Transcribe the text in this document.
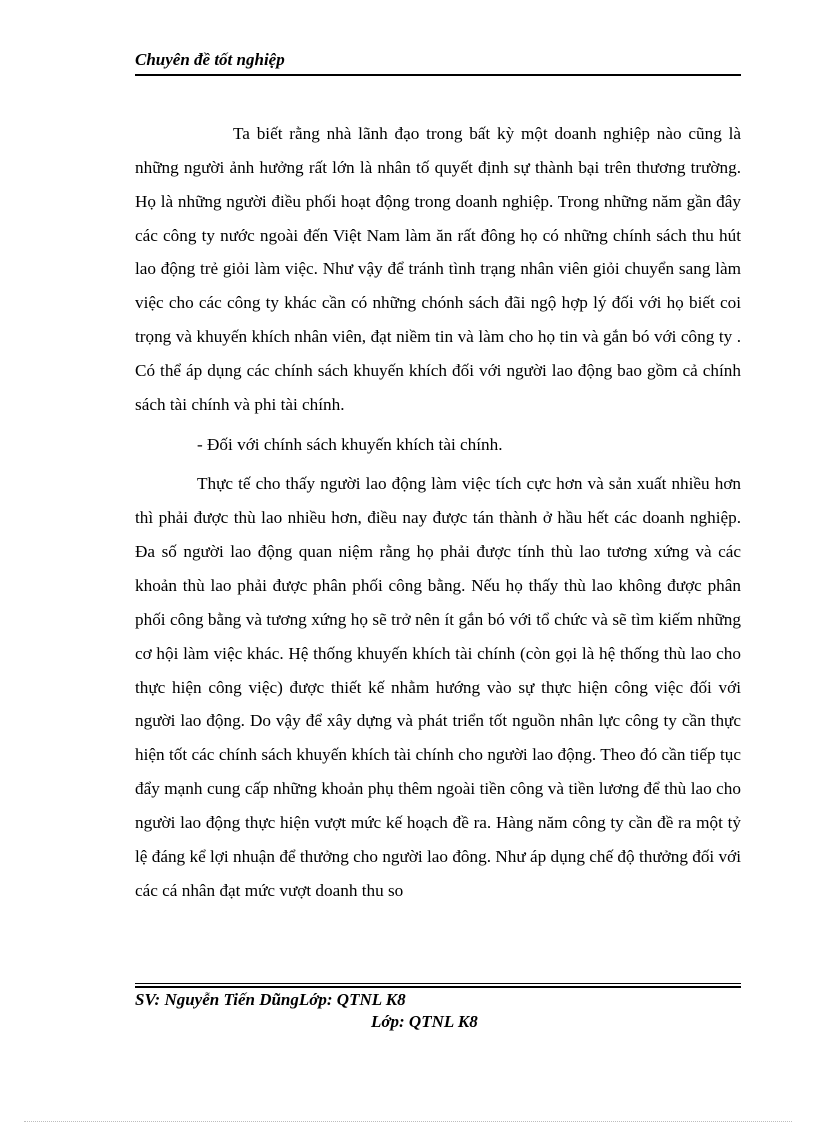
Chuyên đề tốt nghiệp

Ta biết rằng nhà lãnh đạo trong bất kỳ một doanh nghiệp nào cũng là những người ảnh hưởng rất lớn là nhân tố quyết định sự thành bại trên thương trường. Họ là những người điều phối hoạt động trong doanh nghiệp. Trong những năm gần đây các công ty nước ngoài đến Việt Nam làm ăn rất đông họ có những chính sách thu hút lao động trẻ giỏi làm việc. Như vậy để tránh tình trạng nhân viên giỏi chuyển sang làm việc cho các công ty khác cần có những chónh sách đãi ngộ hợp lý đối với họ biết coi trọng và khuyến khích nhân viên, đạt niềm tin và làm cho họ tin và gắn bó với công ty . Có thể áp dụng các chính sách khuyến khích đối với người lao động bao gồm cả chính sách tài chính và phi tài chính.

- Đối với chính sách khuyến khích tài chính.

Thực tế cho thấy người lao động làm việc tích cực hơn và sản xuất nhiều hơn thì phải được thù lao nhiều hơn, điều nay được tán thành ở hầu hết các doanh nghiệp. Đa số người lao động quan niệm rằng họ phải được tính thù lao tương xứng và các khoản thù lao phải được phân phối công bằng. Nếu họ thấy thù lao không được phân phối công bằng và tương xứng họ sẽ trở nên ít gắn bó với tổ chức và sẽ tìm kiếm những cơ hội làm việc khác. Hệ thống khuyến khích tài chính (còn gọi là hệ thống thù lao cho thực hiện công việc) được thiết kế nhằm hướng vào sự thực hiện công việc đối với người lao động. Do vậy để xây dựng và phát triển tốt nguồn nhân lực công ty cần thực hiện tốt các chính sách khuyến khích tài chính cho người lao động. Theo đó cần tiếp tục đẩy mạnh cung cấp những khoản phụ thêm ngoài tiền công và tiền lương để thù lao cho người lao động thực hiện vượt mức kế hoạch đề ra. Hàng năm công ty cần đề ra một tỷ lệ đáng kể lợi nhuận để thưởng cho người lao đông. Như áp dụng chế độ thưởng đối với các cá nhân đạt mức vượt doanh thu so

SV: Nguyễn Tiến DũngLớp: QTNL K8
Lớp: QTNL K8
